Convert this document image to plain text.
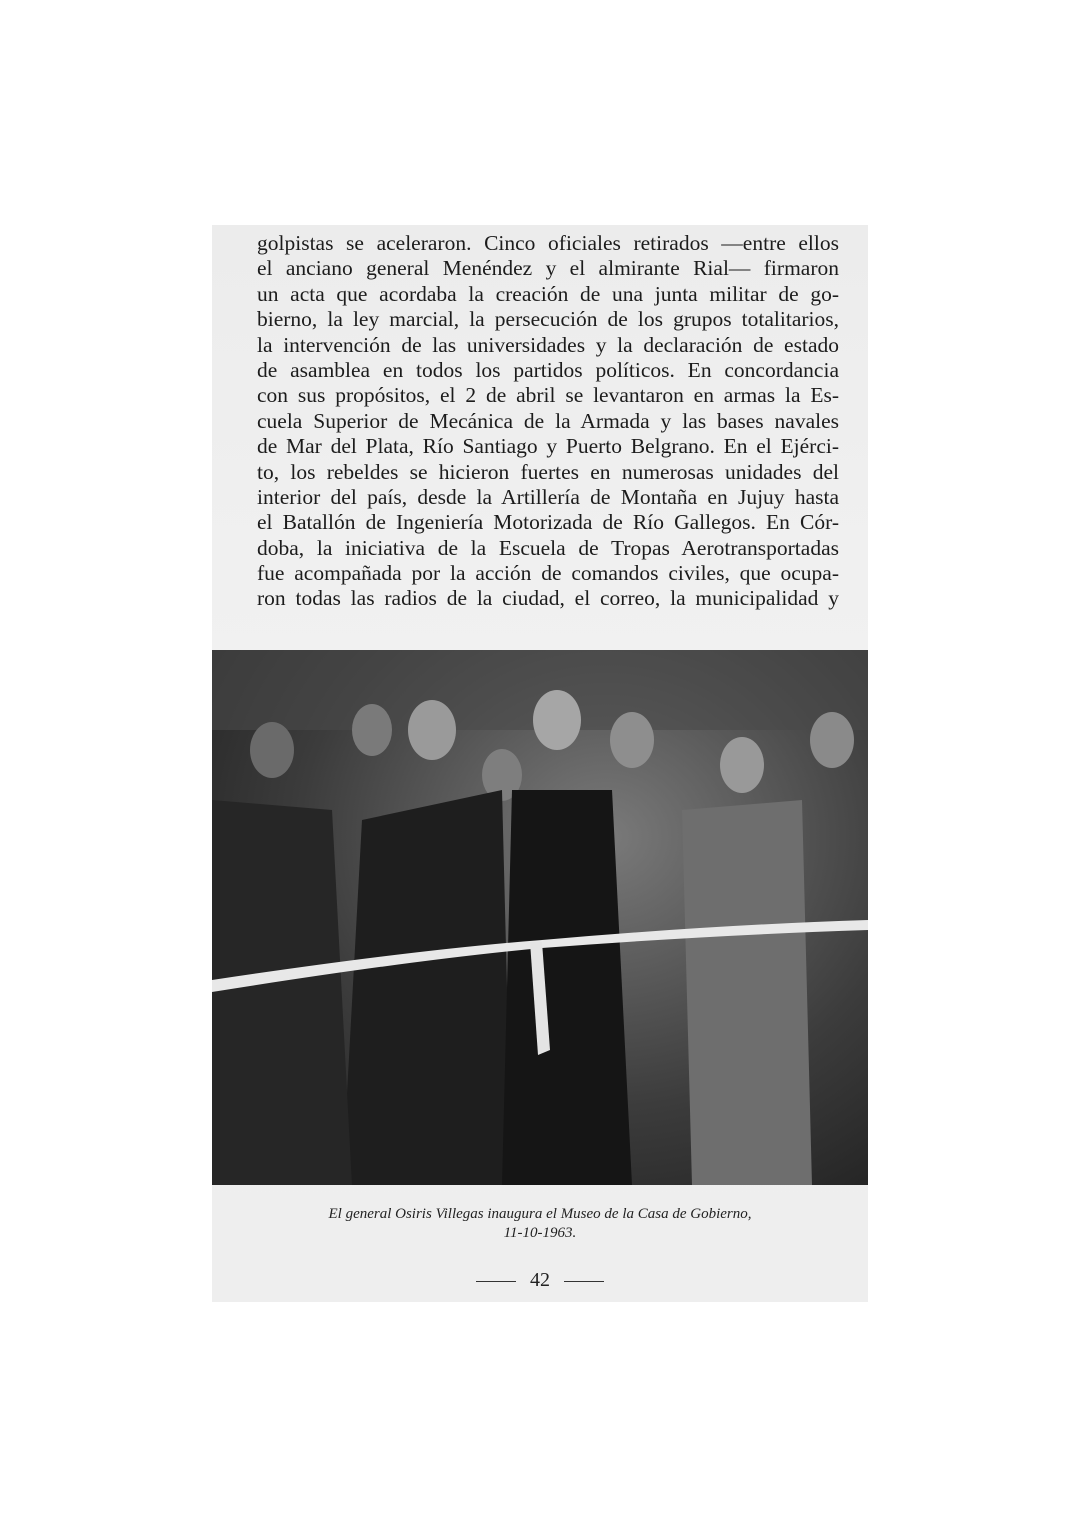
golpistas se aceleraron. Cinco oficiales retirados —entre ellos
el anciano general Menéndez y el almirante Rial— firmaron
un acta que acordaba la creación de una junta militar de go-
bierno, la ley marcial, la persecución de los grupos totalitarios,
la intervención de las universidades y la declaración de estado
de asamblea en todos los partidos políticos. En concordancia
con sus propósitos, el 2 de abril se levantaron en armas la Es-
cuela Superior de Mecánica de la Armada y las bases navales
de Mar del Plata, Río Santiago y Puerto Belgrano. En el Ejérci-
to, los rebeldes se hicieron fuertes en numerosas unidades del
interior del país, desde la Artillería de Montaña en Jujuy hasta
el Batallón de Ingeniería Motorizada de Río Gallegos. En Cór-
doba, la iniciativa de la Escuela de Tropas Aerotransportadas
fue acompañada por la acción de comandos civiles, que ocupa-
ron todas las radios de la ciudad, el correo, la municipalidad y
El general Osiris Villegas inaugura el Museo de la Casa de Gobierno,
11-10-1963.
42
